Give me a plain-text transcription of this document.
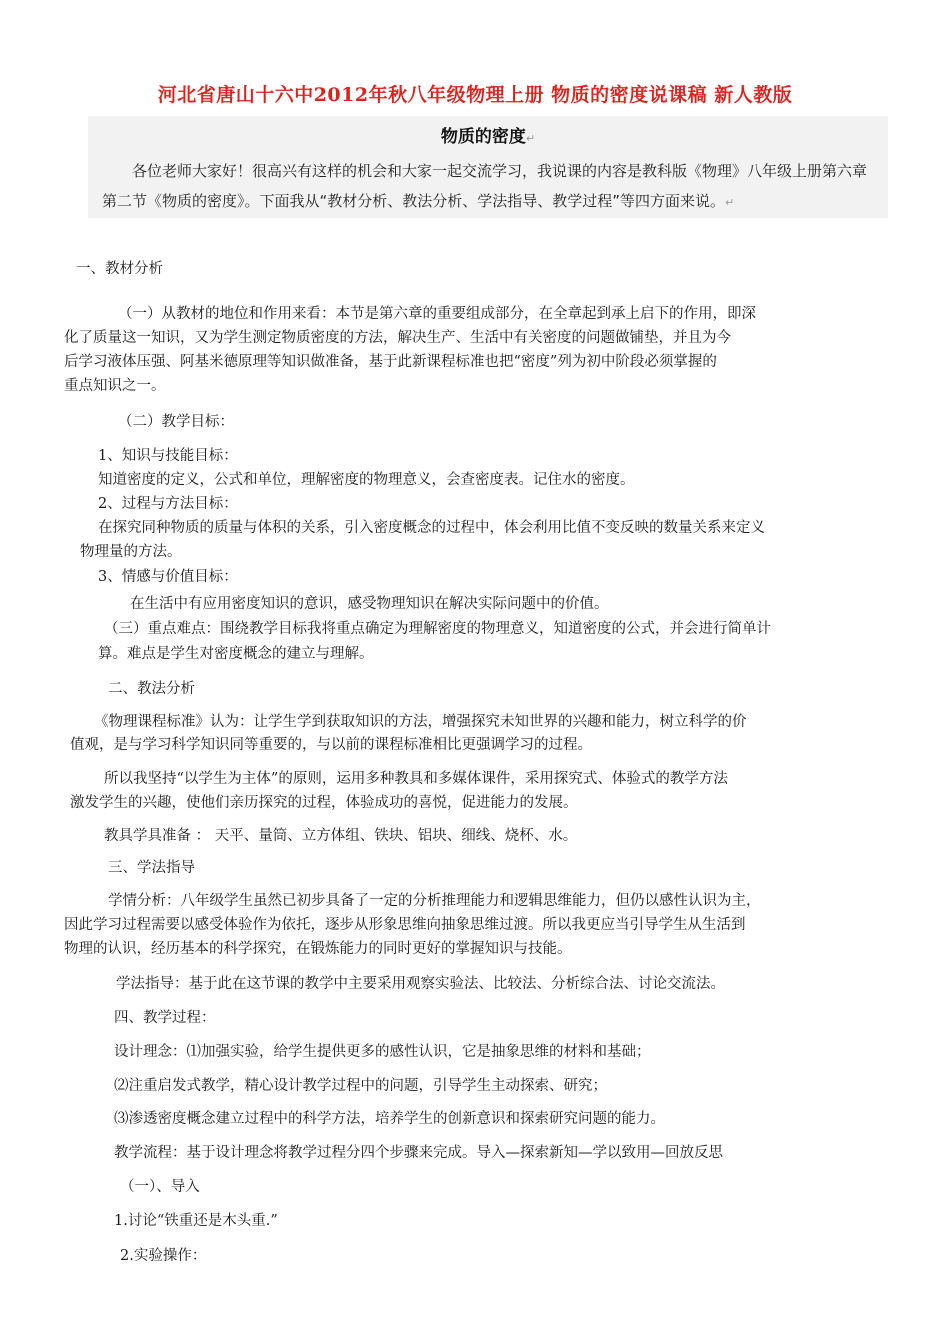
河北省唐山十六中2012年秋八年级物理上册 物质的密度说课稿 新人教版
物质的密度↵
各位老师大家好！很高兴有这样的机会和大家一起交流学习，我说课的内容是教科版《物理》八年级上册第六章第二节《物质的密度》。下面我从“教材分析、教法分析、学法指导、教学过程”等四方面来说。↵
一、教材分析
（一）从教材的地位和作用来看：本节是第六章的重要组成部分，在全章起到承上启下的作用，即深
化了质量这一知识，又为学生测定物质密度的方法，解决生产、生活中有关密度的问题做铺垫，并且为今
后学习液体压强、阿基米德原理等知识做准备，基于此新课程标准也把“密度”列为初中阶段必须掌握的
重点知识之一。
（二）教学目标：
1、知识与技能目标：
知道密度的定义，公式和单位，理解密度的物理意义，会查密度表。记住水的密度。
2、过程与方法目标：
在探究同种物质的质量与体积的关系，引入密度概念的过程中，体会利用比值不变反映的数量关系来定义
物理量的方法。
3、情感与价值目标：
在生活中有应用密度知识的意识，感受物理知识在解决实际问题中的价值。
（三）重点难点：围绕教学目标我将重点确定为理解密度的物理意义，知道密度的公式，并会进行简单计
算。难点是学生对密度概念的建立与理解。
二、教法分析
《物理课程标准》认为：让学生学到获取知识的方法，增强探究未知世界的兴趣和能力，树立科学的价
值观，是与学习科学知识同等重要的，与以前的课程标准相比更强调学习的过程。
所以我坚持“以学生为主体”的原则，运用多种教具和多媒体课件，采用探究式、体验式的教学方法
激发学生的兴趣，使他们亲历探究的过程，体验成功的喜悦，促进能力的发展。
教具学具准备 ： 天平、量筒、立方体组、铁块、铝块、细线、烧杯、水。
三、学法指导
学情分析：八年级学生虽然已初步具备了一定的分析推理能力和逻辑思维能力，但仍以感性认识为主，
因此学习过程需要以感受体验作为依托，逐步从形象思维向抽象思维过渡。所以我更应当引导学生从生活到
物理的认识，经历基本的科学探究，在锻炼能力的同时更好的掌握知识与技能。
学法指导：基于此在这节课的教学中主要采用观察实验法、比较法、分析综合法、讨论交流法。
四、教学过程：
设计理念：⑴加强实验，给学生提供更多的感性认识，它是抽象思维的材料和基础；
⑵注重启发式教学，精心设计教学过程中的问题，引导学生主动探索、研究；
⑶渗透密度概念建立过程中的科学方法，培养学生的创新意识和探索研究问题的能力。
教学流程：基于设计理念将教学过程分四个步骤来完成。导入—探索新知—学以致用—回放反思
（一）、导入
1.讨论“铁重还是木头重.”
2.实验操作：
